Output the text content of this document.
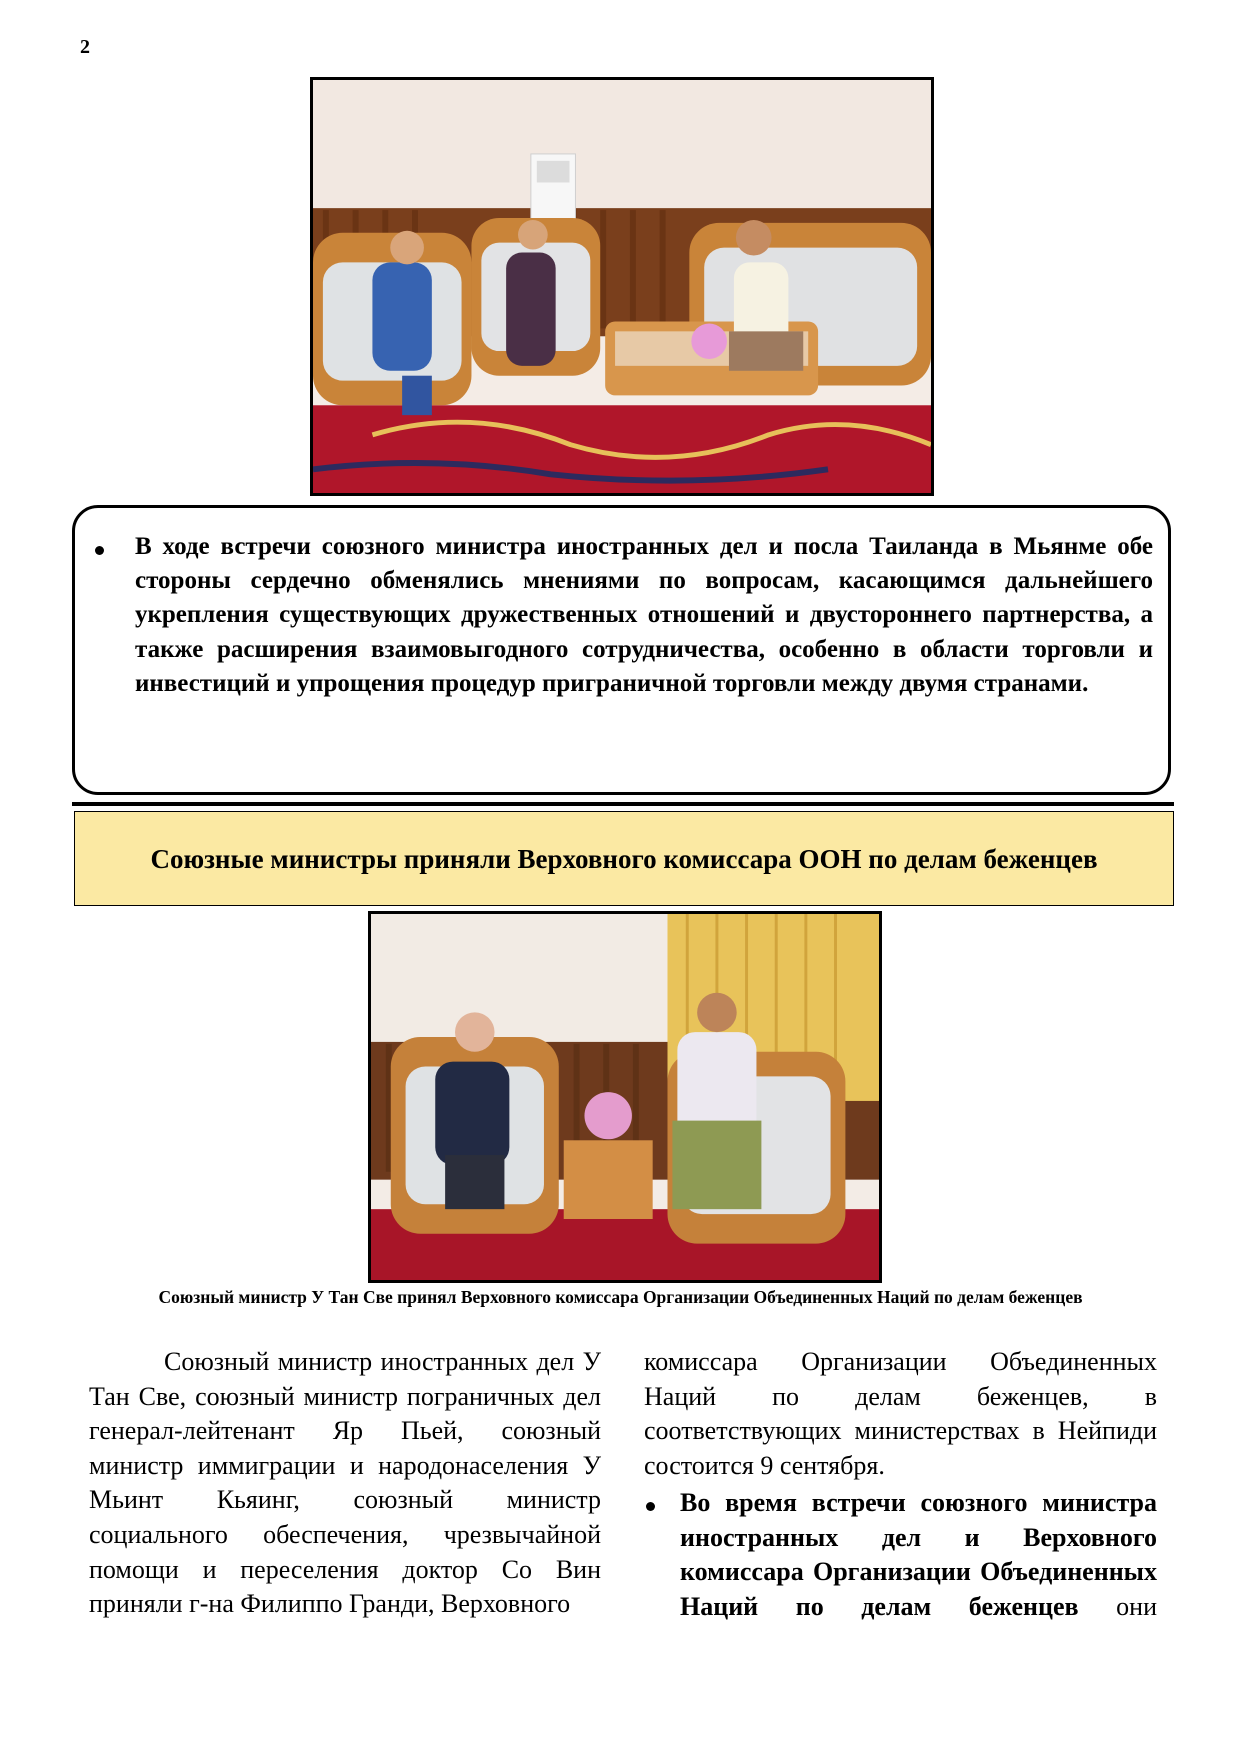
2
В ходе встречи союзного министра иностранных дел и посла Таиланда в Мьянме обе стороны сердечно обменялись мнениями по вопросам, касающимся дальнейшего укрепления существующих дружественных отношений и двустороннего партнерства, а также расширения взаимовыгодного сотрудничества, особенно в области торговли и инвестиций и упрощения процедур приграничной торговли между двумя странами.
Союзные министры приняли Верховного комиссара ООН по делам беженцев
Союзный министр У Тан Све принял Верховного комиссара Организации Объединенных Наций по делам беженцев
Союзный министр иностранных дел У Тан Све, союзный министр пограничных дел генерал-лейтенант Яр Пьей, союзный министр иммиграции и народонаселения У Мьинт Кьяинг, союзный министр социального обеспечения, чрезвычайной помощи и переселения доктор Со Вин приняли г-на Филиппо Гранди, Верховного
комиссара Организации Объединенных Наций по делам беженцев, в соответствующих министерствах в Нейпиди состоится 9 сентября.
Во время встречи союзного министра иностранных дел и Верховного комиссара Организации Объединенных Наций по делам беженцев они
